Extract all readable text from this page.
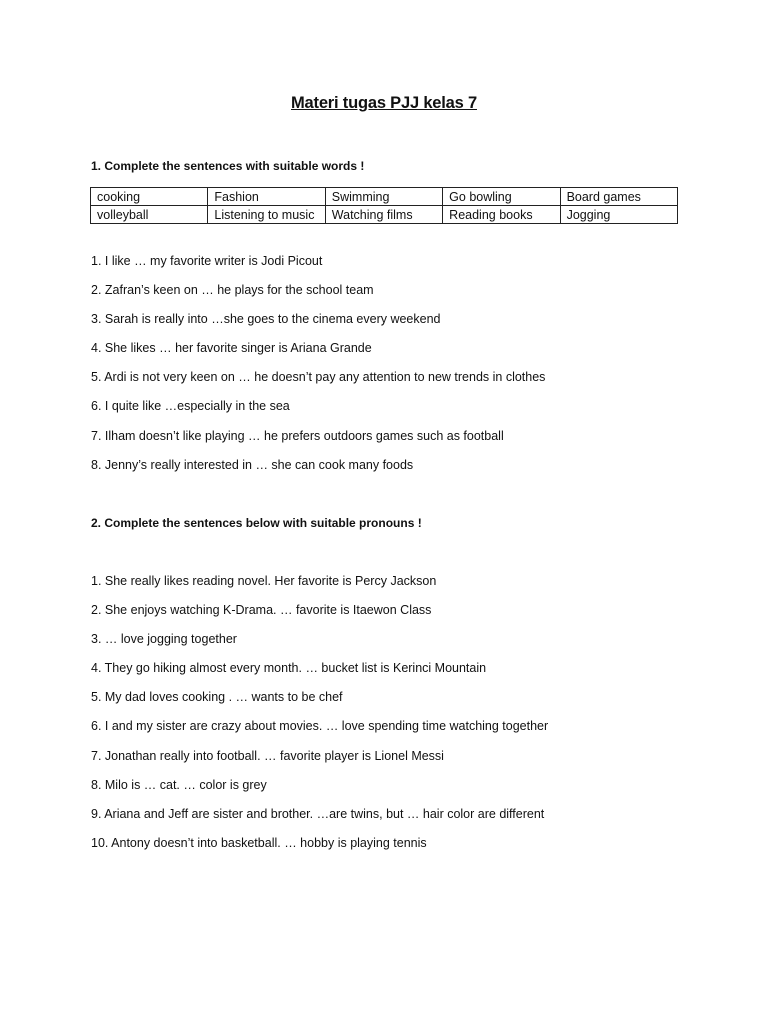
Materi tugas PJJ kelas 7
1. Complete the sentences with suitable words !
cooking	Fashion	Swimming	Go bowling	Board games
volleyball	Listening to music	Watching films	Reading books	Jogging
1. I like … my favorite writer is Jodi Picout
2. Zafran’s keen on … he plays for the school team
3. Sarah is really into …she goes to the cinema every weekend
4. She likes … her favorite singer is Ariana Grande
5. Ardi is not very keen on … he doesn’t pay any attention to new trends in clothes
6. I quite like …especially in the sea
7. Ilham doesn’t like playing … he prefers outdoors games such as football
8. Jenny’s really interested in … she can cook many foods
2. Complete the sentences below with suitable pronouns !
1. She really likes reading novel. Her favorite is Percy Jackson
2. She enjoys watching K-Drama. … favorite is Itaewon Class
3. … love jogging together
4. They go hiking almost every month. … bucket list is Kerinci Mountain
5. My dad loves cooking . … wants to be chef
6. I and my sister are crazy about movies. … love spending time watching together
7. Jonathan really into football. … favorite player is Lionel Messi
8. Milo is … cat. … color is grey
9. Ariana and Jeff are sister and brother. …are twins, but … hair color are different
10. Antony doesn’t into basketball. … hobby is playing tennis
